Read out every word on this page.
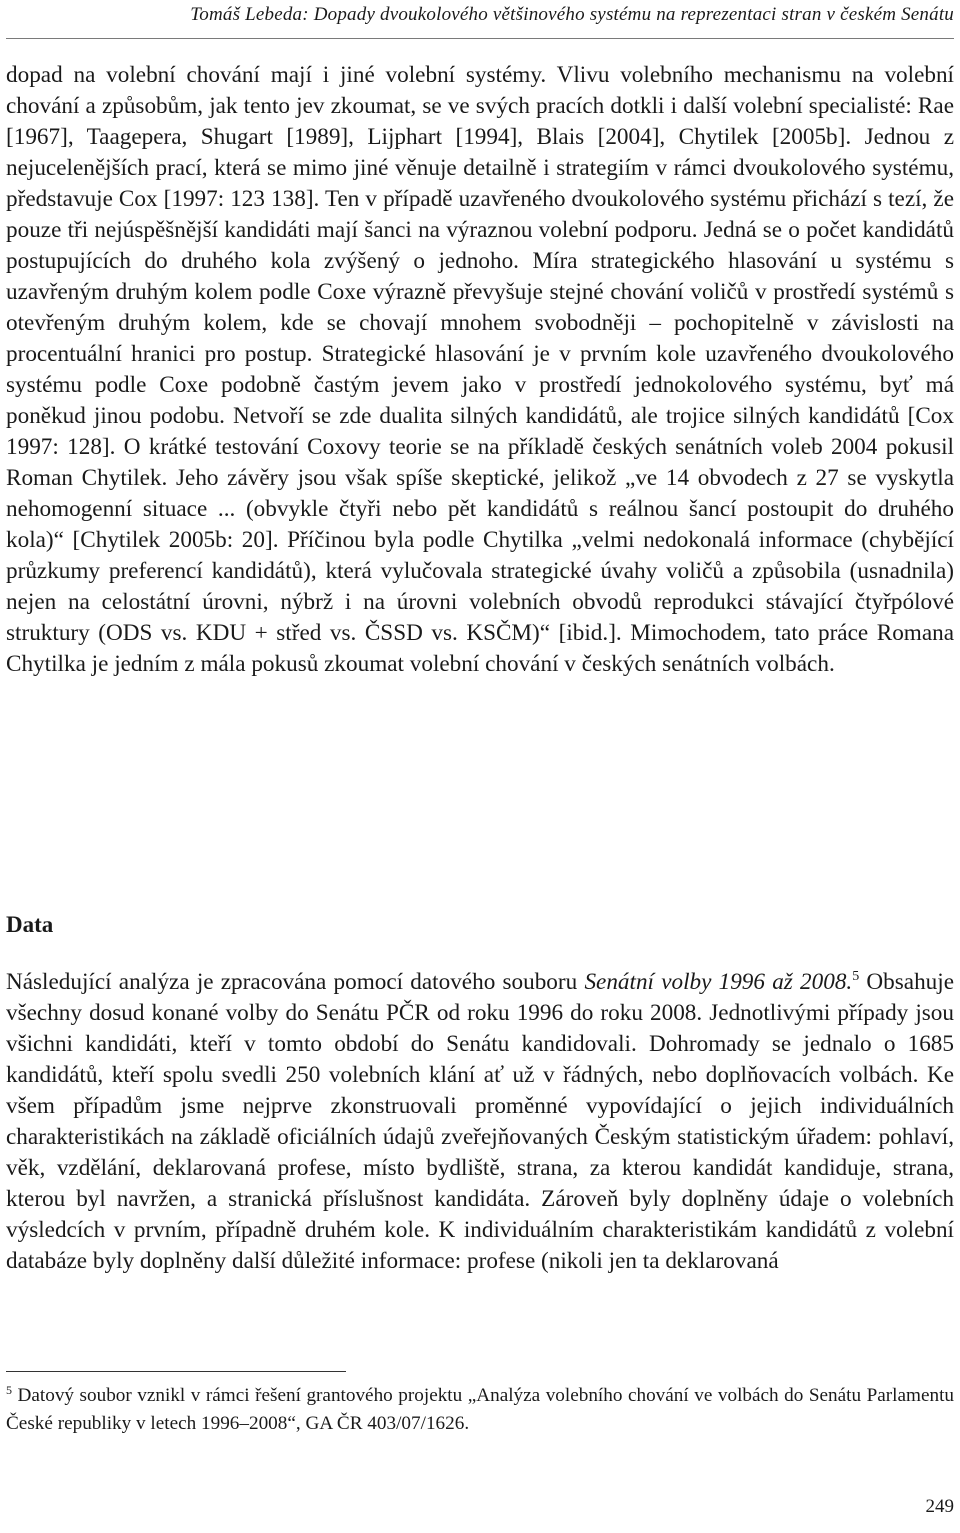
Tomáš Lebeda: Dopady dvoukolového většinového systému na reprezentaci stran v českém Senátu

dopad na volební chování mají i jiné volební systémy. Vlivu volebního mechanismu na volební chování a způsobům, jak tento jev zkoumat, se ve svých pracích dotkli i další volební specialisté: Rae [1967], Taagepera, Shugart [1989], Lijphart [1994], Blais [2004], Chytilek [2005b]. Jednou z nejucelenějších prací, která se mimo jiné věnuje detailně i strategiím v rámci dvoukolového systému, představuje Cox [1997: 123 138]. Ten v případě uzavřeného dvoukolového systému přichází s tezí, že pouze tři nejúspěšnější kandidáti mají šanci na výraznou volební podporu. Jedná se o počet kandidátů postupujících do druhého kola zvýšený o jednoho. Míra strategického hlasování u systému s uzavřeným druhým kolem podle Coxe výrazně převyšuje stejné chování voličů v prostředí systémů s otevřeným druhým kolem, kde se chovají mnohem svobodněji – pochopitelně v závislosti na procentuální hranici pro postup. Strategické hlasování je v prvním kole uzavřeného dvoukolového systému podle Coxe podobně častým jevem jako v prostředí jednokolového systému, byť má poněkud jinou podobu. Netvoří se zde dualita silných kandidátů, ale trojice silných kandidátů [Cox 1997: 128]. O krátké testování Coxovy teorie se na příkladě českých senátních voleb 2004 pokusil Roman Chytilek. Jeho závěry jsou však spíše skeptické, jelikož „ve 14 obvodech z 27 se vyskytla nehomogenní situace ... (obvykle čtyři nebo pět kandidátů s reálnou šancí postoupit do druhého kola)“ [Chytilek 2005b: 20]. Příčinou byla podle Chytilka „velmi nedokonalá informace (chybějící průzkumy preferencí kandidátů), která vylučovala strategické úvahy voličů a způsobila (usnadnila) nejen na celostátní úrovni, nýbrž i na úrovni volebních obvodů reprodukci stávající čtyřpólové struktury (ODS vs. KDU + střed vs. ČSSD vs. KSČM)“ [ibid.]. Mimochodem, tato práce Romana Chytilka je jedním z mála pokusů zkoumat volební chování v českých senátních volbách.

Data

Následující analýza je zpracována pomocí datového souboru Senátní volby 1996 až 2008.$^5$ Obsahuje všechny dosud konané volby do Senátu PČR od roku 1996 do roku 2008. Jednotlivými případy jsou všichni kandidáti, kteří v tomto období do Senátu kandidovali. Dohromady se jednalo o 1685 kandidátů, kteří spolu svedli 250 volebních klání ať už v řádných, nebo doplňovacích volbách. Ke všem případům jsme nejprve zkonstruovali proměnné vypovídající o jejich individuálních charakteristikách na základě oficiálních údajů zveřejňovaných Českým statistickým úřadem: pohlaví, věk, vzdělání, deklarovaná profese, místo bydliště, strana, za kterou kandidát kandiduje, strana, kterou byl navržen, a stranická příslušnost kandidáta. Zároveň byly doplněny údaje o volebních výsledcích v prvním, případně druhém kole. K individuálním charakteristikám kandidátů z volební databáze byly doplněny další důležité informace: profese (nikoli jen ta deklarovaná

$^5$ Datový soubor vznikl v rámci řešení grantového projektu „Analýza volebního chování ve volbách do Senátu Parlamentu České republiky v letech 1996–2008“, GA ČR 403/07/1626.
249
